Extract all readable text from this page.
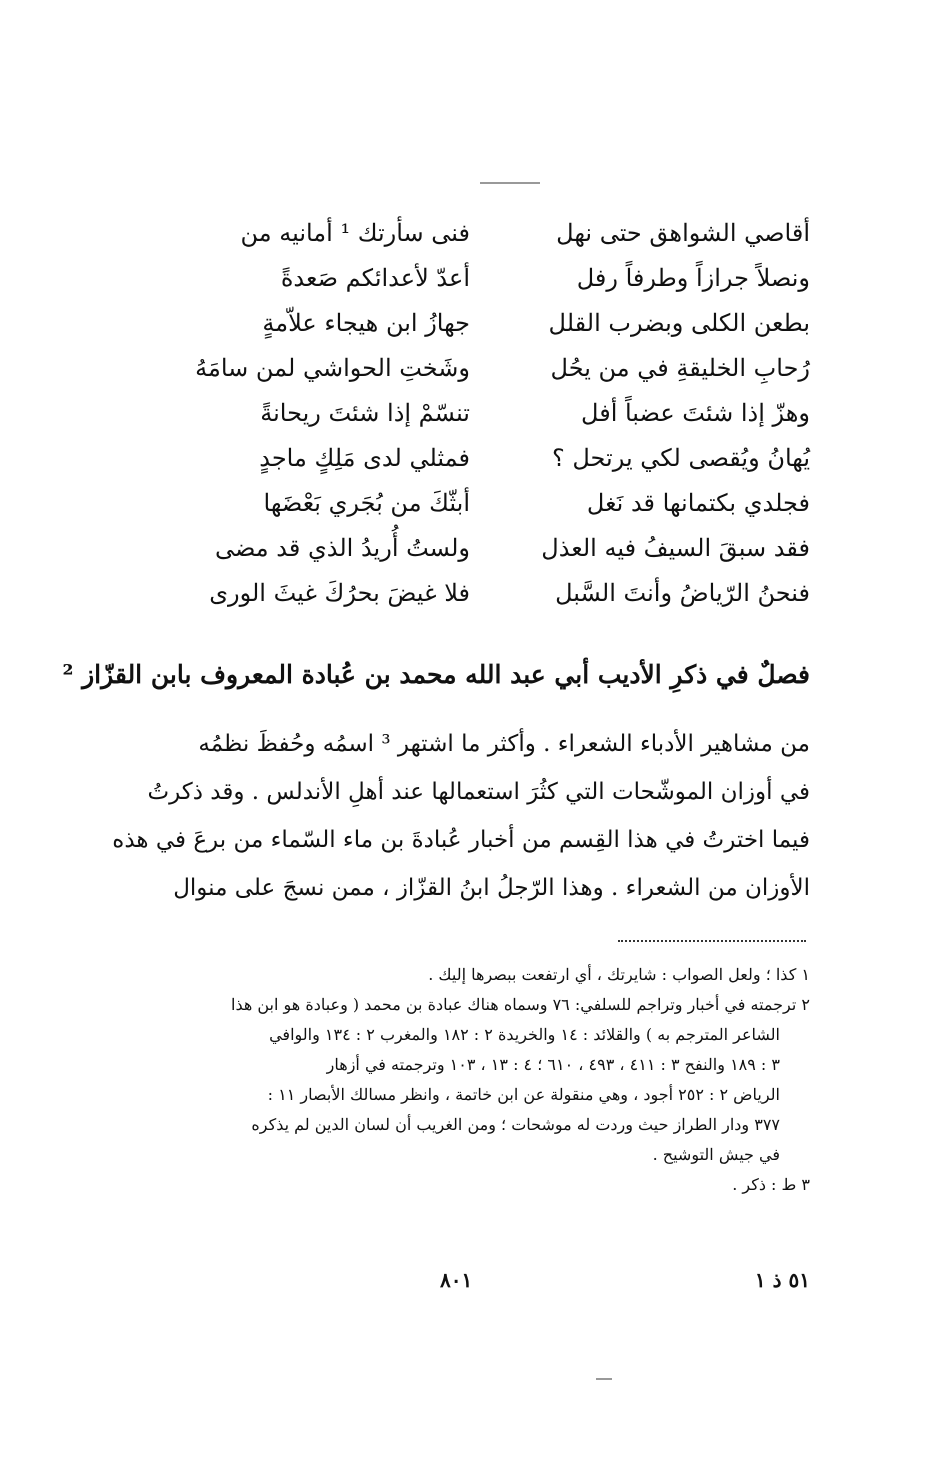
فنى سأرتك ¹ أمانيه من	أقاصي الشواهق حتى نهل
أعدّ لأعدائكم صَعدةً	ونصلاً جرازاً وطرفاً رفل
جهازُ ابن هيجاء علاّمةٍ	بطعن الكلى وبضرب القلل
وشَختِ الحواشي لمن سامَهُ	رُحابِ الخليقةِ في من يحُل
تنسّمْ إذا شئتَ ريحانةً	وهزّ إذا شئتَ عضباً أفل
فمثلي لدى مَلِكٍ ماجدٍ	يُهانُ ويُقصى لكي يرتحل ؟
أبثّكَ من بُجَري بَعْضَها	فجلدي بكتمانها قد نَغل
ولستُ أُريدُ الذي قد مضى	فقد سبقَ السيفُ فيه العذل
فلا غيضَ بحرُكَ غيثَ الورى	فنحنُ الرّياضُ وأنتَ السَّبل
فصلٌ في ذكرِ الأديب أبي عبد الله محمد بن عُبادة المعروف بابن القزّاز ²
من مشاهير الأدباء الشعراء . وأكثر ما اشتهر ³ اسمُه وحُفظَ نظمُه
في أوزان الموشّحات التي كثُرَ استعمالها عند أهلِ الأندلس . وقد ذكرتُ
فيما اخترتُ في هذا القِسم من أخبار عُبادةَ بن ماء السّماء من برعَ في هذه
الأوزان من الشعراء . وهذا الرّجلُ ابنُ القزّاز ، ممن نسجَ على منوال
١ كذا ؛ ولعل الصواب : شايرتك ، أي ارتفعت ببصرها إليك .
٢ ترجمته في أخبار وتراجم للسلفي: ٧٦ وسماه هناك عبادة بن محمد ( وعبادة هو ابن هذا
الشاعر المترجم به ) والقلائد : ١٤ والخريدة ٢ : ١٨٢ والمغرب ٢ : ١٣٤ والوافي
٣ : ١٨٩ والنفح ٣ : ٤١١ ، ٤٩٣ ، ٦١٠ ؛ ٤ : ١٣ ، ١٠٣ وترجمته في أزهار
الرياض ٢ : ٢٥٢ أجود ، وهي منقولة عن ابن خاتمة ، وانظر مسالك الأبصار ١١ :
٣٧٧ ودار الطراز حيث وردت له موشحات ؛ ومن الغريب أن لسان الدين لم يذكره
في جيش التوشيح .
٣ ط : ذكر .
٨٠١	٥١ ذ ١
